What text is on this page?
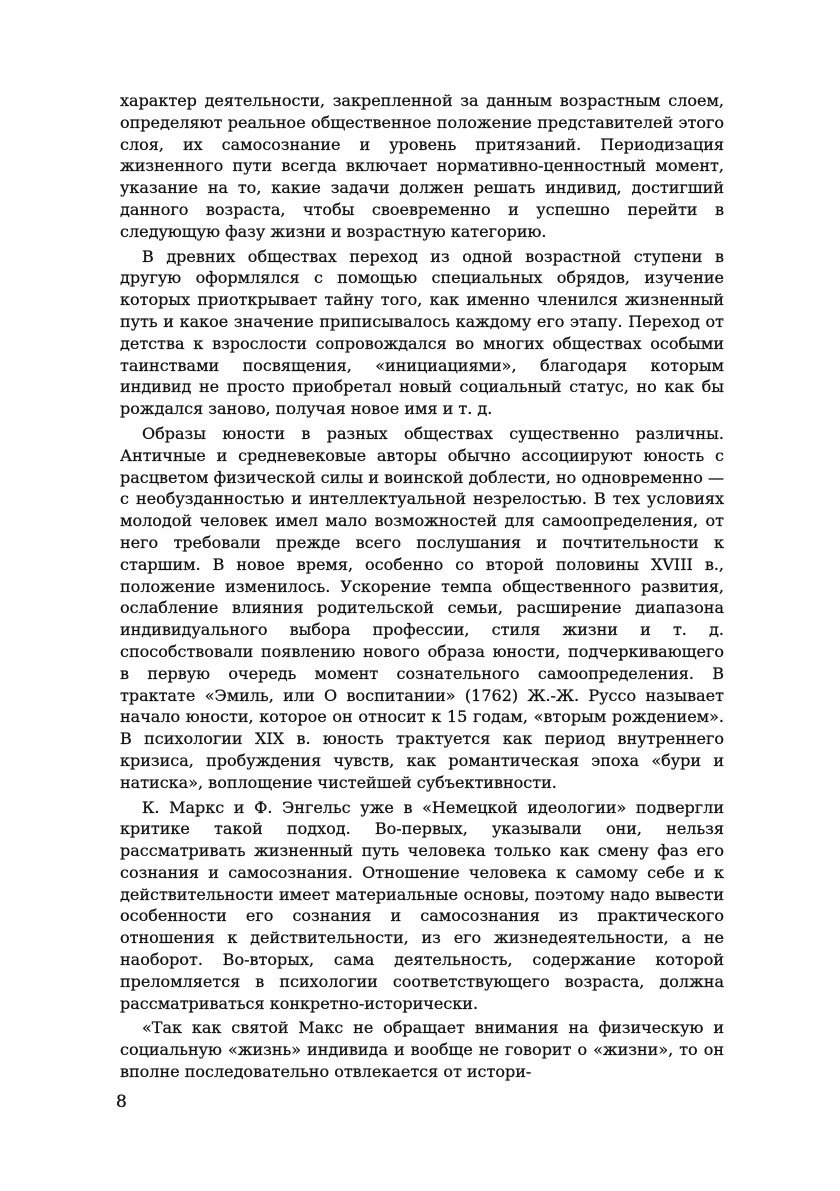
характер деятельности, закрепленной за данным возрастным слоем, определяют реальное общественное положение представителей этого слоя, их самосознание и уровень притязаний. Периодизация жизненного пути всегда включает нормативно-ценностный момент, указание на то, какие задачи должен решать индивид, достигший данного возраста, чтобы своевременно и успешно перейти в следующую фазу жизни и возрастную категорию.

В древних обществах переход из одной возрастной ступени в другую оформлялся с помощью специальных обрядов, изучение которых приоткрывает тайну того, как именно членился жизненный путь и какое значение приписывалось каждому его этапу. Переход от детства к взрослости сопровождался во многих обществах особыми таинствами посвящения, «инициациями», благодаря которым индивид не просто приобретал новый социальный статус, но как бы рождался заново, получая новое имя и т. д.

Образы юности в разных обществах существенно различны. Античные и средневековые авторы обычно ассоциируют юность с расцветом физической силы и воинской доблести, но одновременно — с необузданностью и интеллектуальной незрелостью. В тех условиях молодой человек имел мало возможностей для самоопределения, от него требовали прежде всего послушания и почтительности к старшим. В новое время, особенно со второй половины XVIII в., положение изменилось. Ускорение темпа общественного развития, ослабление влияния родительской семьи, расширение диапазона индивидуального выбора профессии, стиля жизни и т. д. способствовали появлению нового образа юности, подчеркивающего в первую очередь момент сознательного самоопределения. В трактате «Эмиль, или О воспитании» (1762) Ж.-Ж. Руссо называет начало юности, которое он относит к 15 годам, «вторым рождением». В психологии XIX в. юность трактуется как период внутреннего кризиса, пробуждения чувств, как романтическая эпоха «бури и натиска», воплощение чистейшей субъективности.

К. Маркс и Ф. Энгельс уже в «Немецкой идеологии» подвергли критике такой подход. Во-первых, указывали они, нельзя рассматривать жизненный путь человека только как смену фаз его сознания и самосознания. Отношение человека к самому себе и к действительности имеет материальные основы, поэтому надо вывести особенности его сознания и самосознания из практического отношения к действительности, из его жизнедеятельности, а не наоборот. Во-вторых, сама деятельность, содержание которой преломляется в психологии соответствующего возраста, должна рассматриваться конкретно-исторически.

«Так как святой Макс не обращает внимания на физическую и социальную «жизнь» индивида и вообще не говорит о «жизни», то он вполне последовательно отвлекается от истори-

8
